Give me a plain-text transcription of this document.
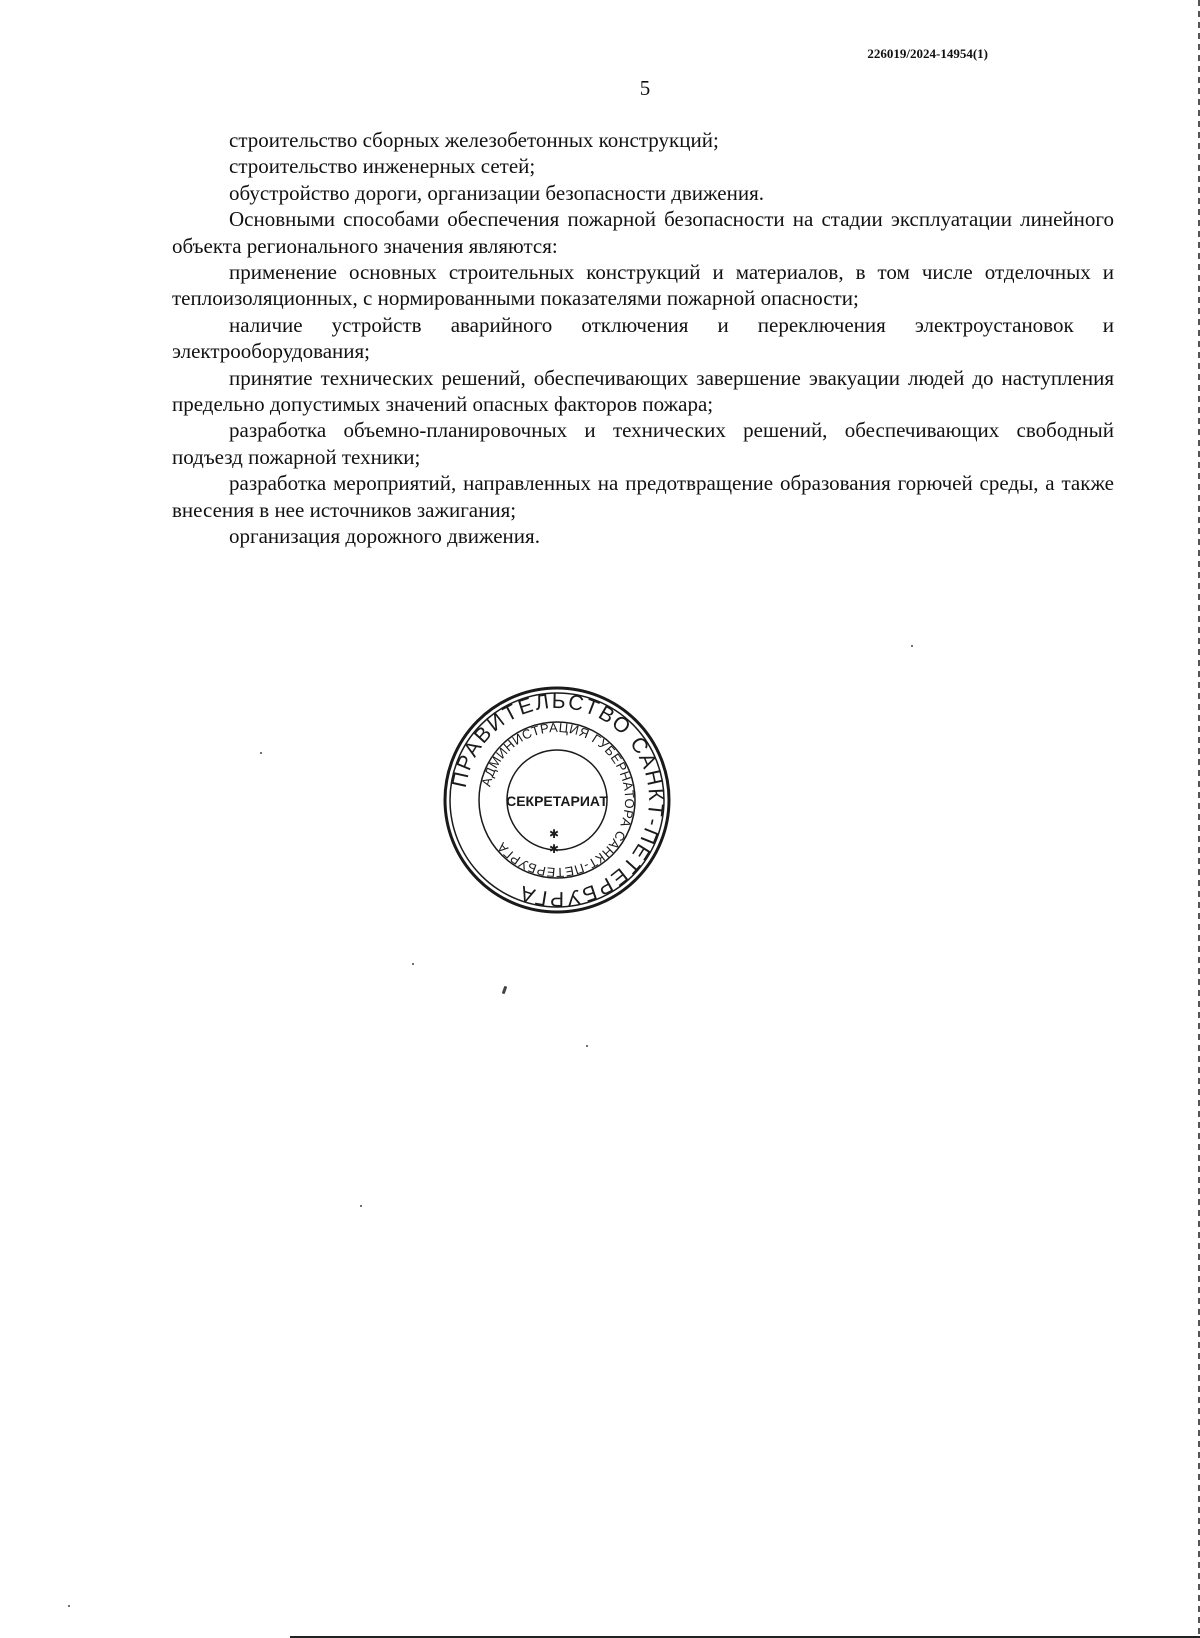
226019/2024-14954(1)
5

строительство сборных железобетонных конструкций;

строительство инженерных сетей;

обустройство дороги, организации безопасности движения.

Основными способами обеспечения пожарной безопасности на стадии эксплуатации линейного объекта регионального значения являются:

применение основных строительных конструкций и материалов, в том числе отделочных и теплоизоляционных, с нормированными показателями пожарной опасности;

наличие устройств аварийного отключения и переключения электроустановок и электрооборудования;

принятие технических решений, обеспечивающих завершение эвакуации людей до наступления предельно допустимых значений опасных факторов пожара;

разработка объемно-планировочных и технических решений, обеспечивающих свободный подъезд пожарной техники;

разработка мероприятий, направленных на предотвращение образования горючей среды, а также внесения в нее источников зажигания;

организация дорожного движения.

ПРАВИТЕЛЬСТВО САНКТ-ПЕТЕРБУРГА
АДМИНИСТРАЦИЯ ГУБЕРНАТОРА САНКТ-ПЕТЕРБУРГА
СЕКРЕТАРИАТ
✱
✱
